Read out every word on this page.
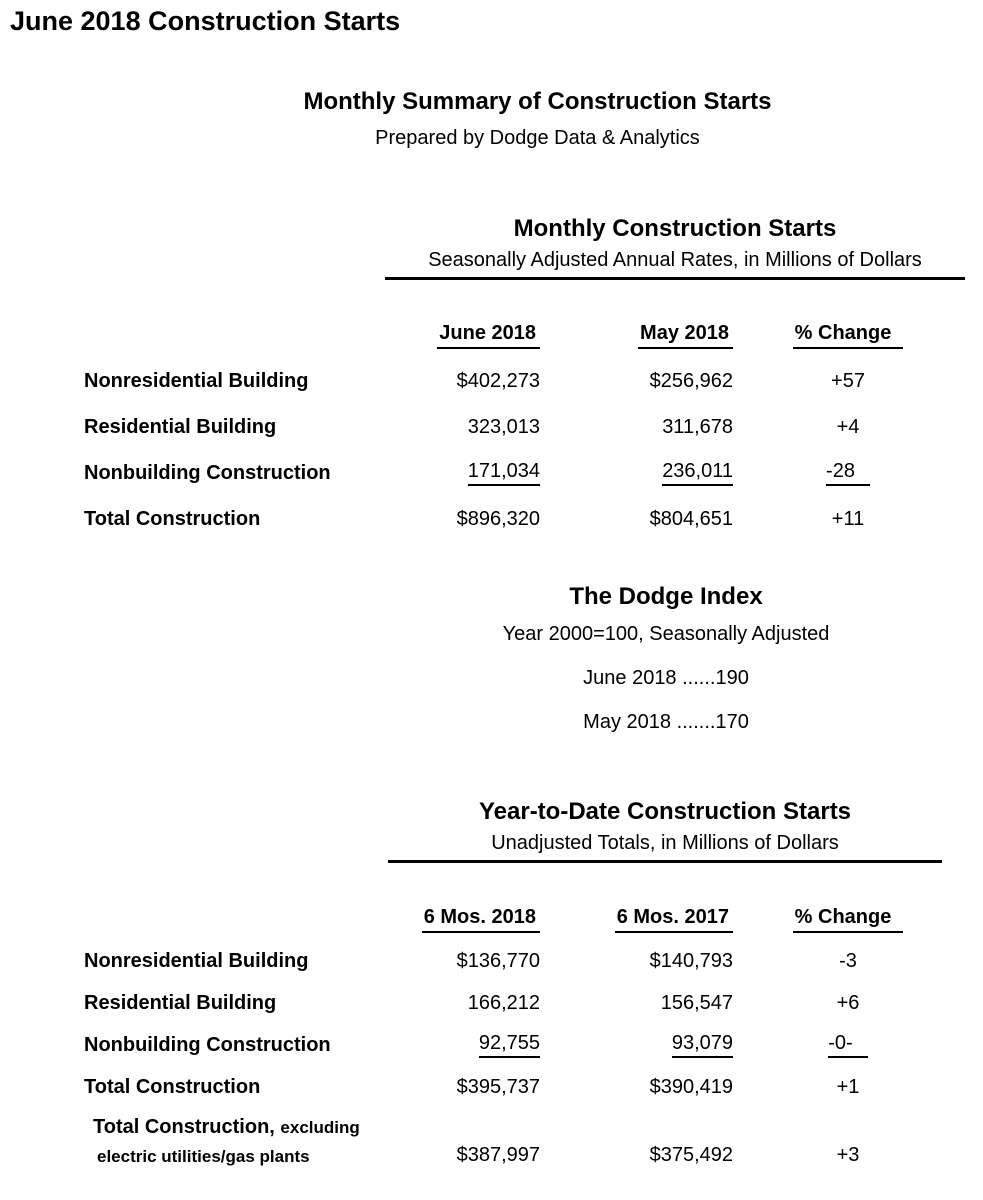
June 2018 Construction Starts
Monthly Summary of Construction Starts
Prepared by Dodge Data & Analytics
Monthly Construction Starts
Seasonally Adjusted Annual Rates, in Millions of Dollars
June 2018	May 2018	% Change
Nonresidential Building	$402,273	$256,962	+57
Residential Building	323,013	311,678	+4
Nonbuilding Construction	171,034	236,011	-28
Total Construction	$896,320	$804,651	+11
The Dodge Index
Year 2000=100, Seasonally Adjusted
June 2018 ......190
May 2018 .......170
Year-to-Date Construction Starts
Unadjusted Totals, in Millions of Dollars
6 Mos. 2018	6 Mos. 2017	% Change
Nonresidential Building	$136,770	$140,793	-3
Residential Building	166,212	156,547	+6
Nonbuilding Construction	92,755	93,079	-0-
Total Construction	$395,737	$390,419	+1
Total Construction, excluding
electric utilities/gas plants	$387,997	$375,492	+3
